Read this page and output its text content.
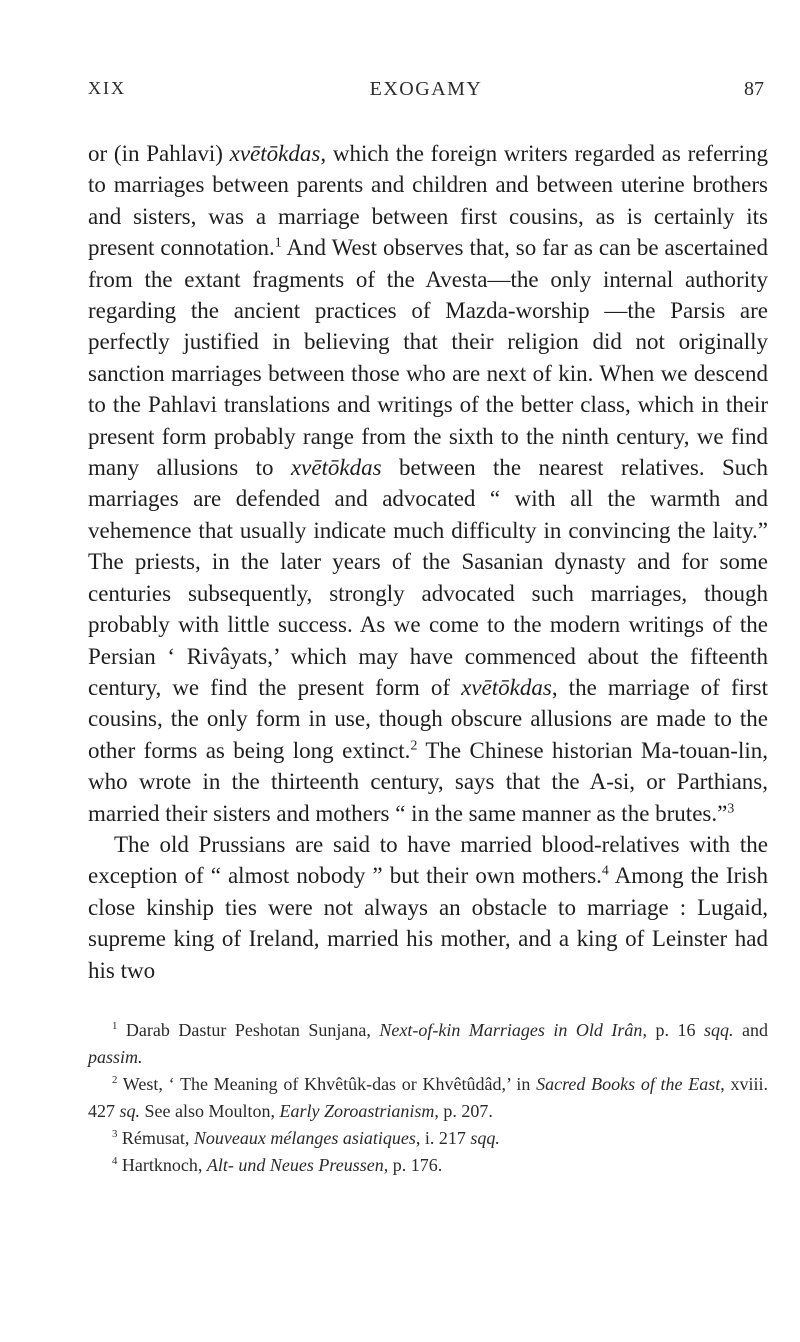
XIX	EXOGAMY	87

or (in Pahlavi) xvētōkdas, which the foreign writers regarded as referring to marriages between parents and children and between uterine brothers and sisters, was a marriage between first cousins, as is certainly its present connotation.$^1$ And West observes that, so far as can be ascertained from the extant fragments of the Avesta—the only internal authority regarding the ancient practices of Mazda-worship —the Parsis are perfectly justified in believing that their religion did not originally sanction marriages between those who are next of kin. When we descend to the Pahlavi translations and writings of the better class, which in their present form probably range from the sixth to the ninth century, we find many allusions to xvētōkdas between the nearest relatives. Such marriages are defended and advocated “ with all the warmth and vehemence that usually indicate much difficulty in convincing the laity.” The priests, in the later years of the Sasanian dynasty and for some centuries subsequently, strongly advocated such marriages, though probably with little success. As we come to the modern writings of the Persian ‘ Rivâyats,’ which may have commenced about the fifteenth century, we find the present form of xvētōkdas, the marriage of first cousins, the only form in use, though obscure allusions are made to the other forms as being long extinct.$^2$ The Chinese historian Ma-touan-lin, who wrote in the thirteenth century, says that the A-si, or Parthians, married their sisters and mothers “ in the same manner as the brutes.”$^3$

The old Prussians are said to have married blood-relatives with the exception of “ almost nobody ” but their own mothers.$^4$ Among the Irish close kinship ties were not always an obstacle to marriage : Lugaid, supreme king of Ireland, married his mother, and a king of Leinster had his two

$^1$ Darab Dastur Peshotan Sunjana, Next-of-kin Marriages in Old Irân, p. 16 sqq. and passim.

$^2$ West, ‘ The Meaning of Khvêtûk-das or Khvêtûdâd,’ in Sacred Books of the East, xviii. 427 sq. See also Moulton, Early Zoroastrianism, p. 207.

$^3$ Rémusat, Nouveaux mélanges asiatiques, i. 217 sqq.

$^4$ Hartknoch, Alt- und Neues Preussen, p. 176.
